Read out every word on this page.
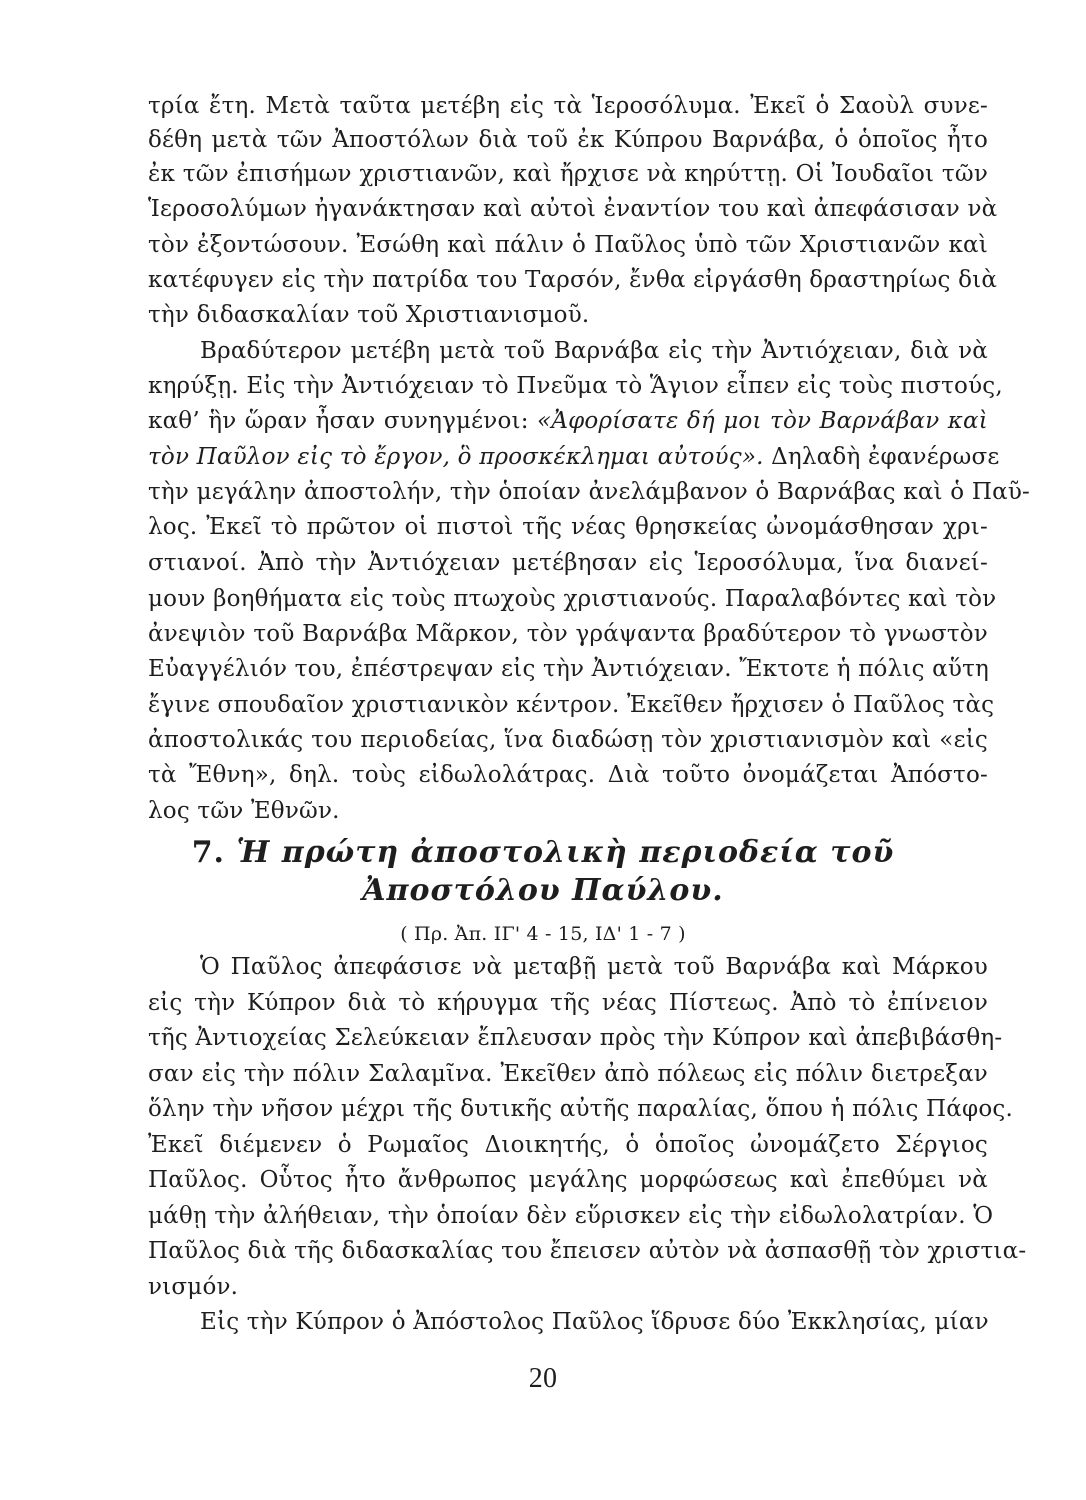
τρία ἔτη. Μετὰ ταῦτα μετέβη εἰς τὰ Ἱεροσόλυμα. Ἐκεῖ ὁ Σαοὺλ συνε-
δέθη μετὰ τῶν Ἀποστόλων διὰ τοῦ ἐκ Κύπρου Βαρνάβα, ὁ ὁποῖος ἦτο
ἐκ τῶν ἐπισήμων χριστιανῶν, καὶ ἤρχισε νὰ κηρύττῃ. Οἱ Ἰουδαῖοι τῶν
Ἱεροσολύμων ἠγανάκτησαν καὶ αὐτοὶ ἐναντίον του καὶ ἀπεφάσισαν νὰ
τὸν ἐξοντώσουν. Ἐσώθη καὶ πάλιν ὁ Παῦλος ὑπὸ τῶν Χριστιανῶν καὶ
κατέφυγεν εἰς τὴν πατρίδα του Ταρσόν, ἔνθα εἰργάσθη δραστηρίως διὰ
τὴν διδασκαλίαν τοῦ Χριστιανισμοῦ.
Βραδύτερον μετέβη μετὰ τοῦ Βαρνάβα εἰς τὴν Ἀντιόχειαν, διὰ νὰ
κηρύξῃ. Εἰς τὴν Ἀντιόχειαν τὸ Πνεῦμα τὸ Ἅγιον εἶπεν εἰς τοὺς πιστούς,
καθ’ ἣν ὥραν ἦσαν συνηγμένοι: «Ἀφορίσατε δή μοι τὸν Βαρνάβαν καὶ
τὸν Παῦλον εἰς τὸ ἔργον, ὃ προσκέκλημαι αὐτούς». Δηλαδὴ ἐφανέρωσε
τὴν μεγάλην ἀποστολήν, τὴν ὁποίαν ἀνελάμβανον ὁ Βαρνάβας καὶ ὁ Παῦ-
λος. Ἐκεῖ τὸ πρῶτον οἱ πιστοὶ τῆς νέας θρησκείας ὠνομάσθησαν χρι-
στιανοί. Ἀπὸ τὴν Ἀντιόχειαν μετέβησαν εἰς Ἱεροσόλυμα, ἵνα διανεί-
μουν βοηθήματα εἰς τοὺς πτωχοὺς χριστιανούς. Παραλαβόντες καὶ τὸν
ἀνεψιὸν τοῦ Βαρνάβα Μᾶρκον, τὸν γράψαντα βραδύτερον τὸ γνωστὸν
Εὐαγγέλιόν του, ἐπέστρεψαν εἰς τὴν Ἀντιόχειαν. Ἔκτοτε ἡ πόλις αὕτη
ἔγινε σπουδαῖον χριστιανικὸν κέντρον. Ἐκεῖθεν ἤρχισεν ὁ Παῦλος τὰς
ἀποστολικάς του περιοδείας, ἵνα διαδώσῃ τὸν χριστιανισμὸν καὶ «εἰς
τὰ Ἔθνη», δηλ. τοὺς εἰδωλολάτρας. Διὰ τοῦτο ὀνομάζεται Ἀπόστο-
λος τῶν Ἐθνῶν.
7. Ἡ πρώτη ἀποστολικὴ περιοδεία τοῦ
Ἀποστόλου Παύλου.
( Πρ. Ἀπ. ΙΓ' 4 - 15, ΙΔ' 1 - 7 )
Ὁ Παῦλος ἀπεφάσισε νὰ μεταβῇ μετὰ τοῦ Βαρνάβα καὶ Μάρκου
εἰς τὴν Κύπρον διὰ τὸ κήρυγμα τῆς νέας Πίστεως. Ἀπὸ τὸ ἐπίνειον
τῆς Ἀντιοχείας Σελεύκειαν ἔπλευσαν πρὸς τὴν Κύπρον καὶ ἀπεβιβάσθη-
σαν εἰς τὴν πόλιν Σαλαμῖνα. Ἐκεῖθεν ἀπὸ πόλεως εἰς πόλιν διετρεξαν
ὅλην τὴν νῆσον μέχρι τῆς δυτικῆς αὐτῆς παραλίας, ὅπου ἡ πόλις Πάφος.
Ἐκεῖ διέμενεν ὁ Ρωμαῖος Διοικητής, ὁ ὁποῖος ὠνομάζετο Σέργιος
Παῦλος. Οὗτος ἦτο ἄνθρωπος μεγάλης μορφώσεως καὶ ἐπεθύμει νὰ
μάθῃ τὴν ἀλήθειαν, τὴν ὁποίαν δὲν εὕρισκεν εἰς τὴν εἰδωλολατρίαν. Ὁ
Παῦλος διὰ τῆς διδασκαλίας του ἔπεισεν αὐτὸν νὰ ἀσπασθῇ τὸν χριστια-
νισμόν.
Εἰς τὴν Κύπρον ὁ Ἀπόστολος Παῦλος ἵδρυσε δύο Ἐκκλησίας, μίαν
20
